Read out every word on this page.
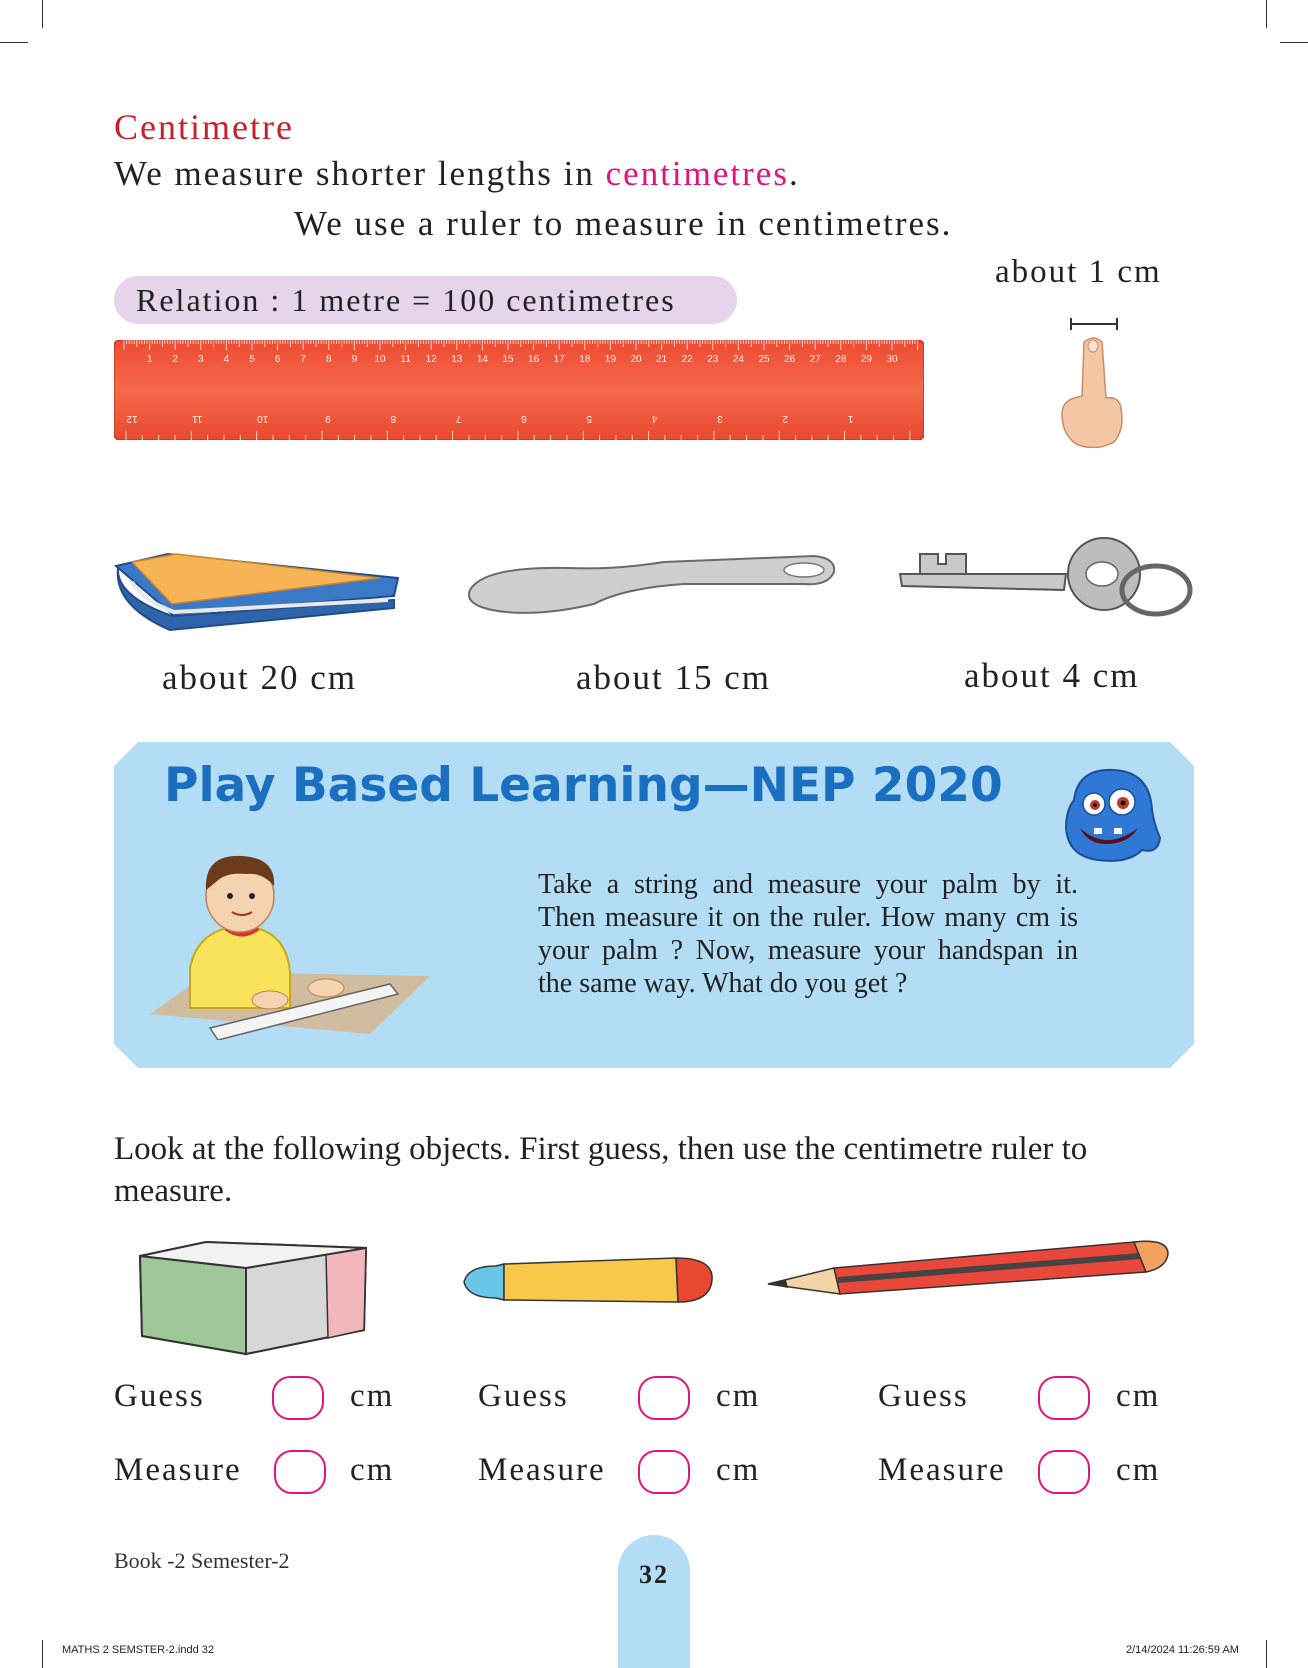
Centimetre
We measure shorter lengths in centimetres.
We use a ruler to measure in centimetres.
about 1 cm
Relation : 1 metre = 100 centimetres
1 2 3 4 5 6 7 8 9 10 11 12 13 14 15 16 17 18 19 20 21 22 23 24 25 26 27 28 29 30
12	11	10	9	8	7	6	5	4	3	2	1
about 20 cm	about 15 cm	about 4 cm
Play Based Learning—NEP 2020
Take a string and measure your palm by it. Then measure it on the ruler. How many cm is your palm ? Now, measure your handspan in the same way. What do you get ?
Look at the following objects. First guess, then use the centimetre ruler to measure.
Guess	cm
Measure	cm
Guess	cm
Measure	cm
Guess	cm
Measure	cm
Book -2 Semester-2	32
MATHS 2 SEMSTER-2.indd 32	2/14/2024 11:26:59 AM
